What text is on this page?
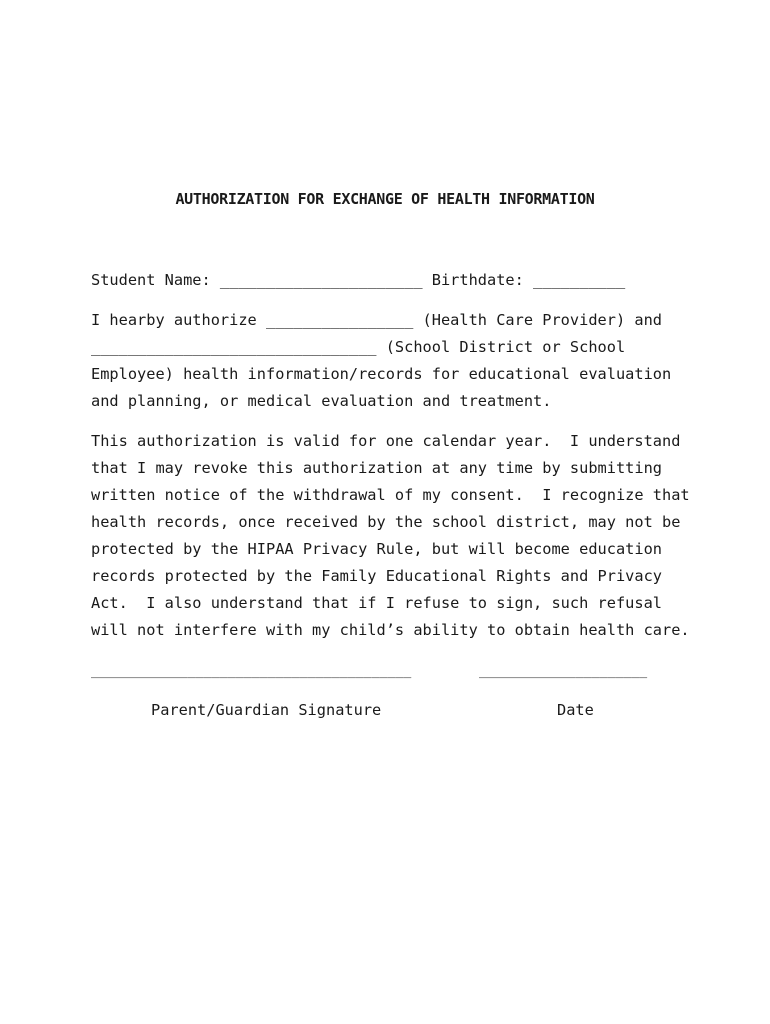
AUTHORIZATION FOR EXCHANGE OF HEALTH INFORMATION
Student Name: ______________________ Birthdate: __________
I hearby authorize ________________ (Health Care Provider) and
_______________________________ (School District or School
Employee) health information/records for educational evaluation
and planning, or medical evaluation and treatment.
This authorization is valid for one calendar year.  I understand
that I may revoke this authorization at any time by submitting
written notice of the withdrawal of my consent.  I recognize that
health records, once received by the school district, may not be
protected by the HIPAA Privacy Rule, but will become education
records protected by the Family Educational Rights and Privacy
Act.  I also understand that if I refuse to sign, such refusal
will not interfere with my child’s ability to obtain health care.
________________________________________	_____________________
Parent/Guardian Signature	Date
